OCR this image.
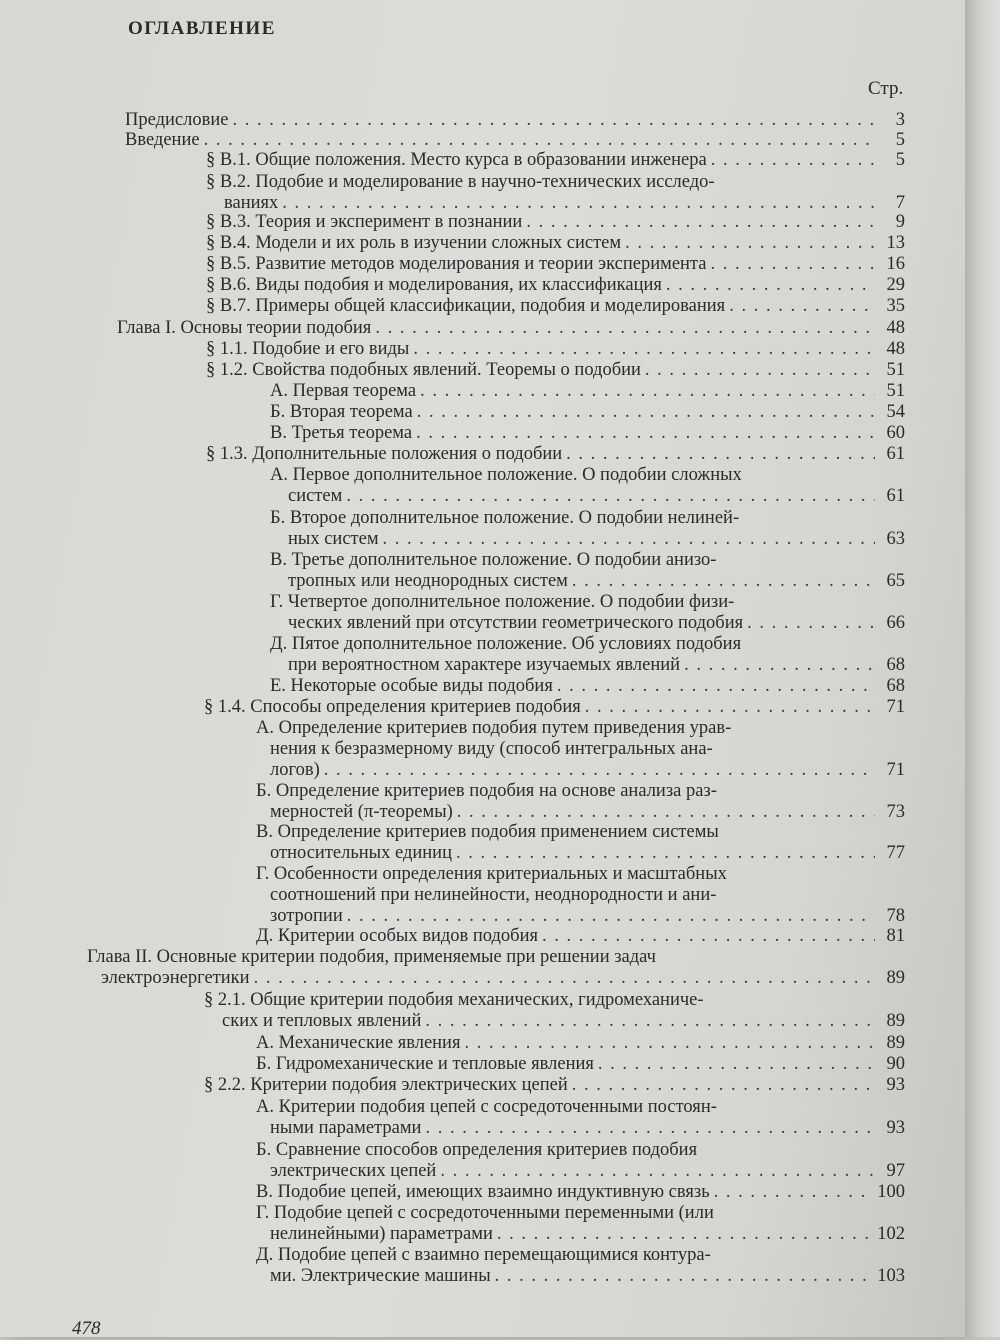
ОГЛАВЛЕНИЕ
Стр.
Предисловие . . .	3
Введение . . .	5
§ В.1. Общие положения. Место курса в образовании инженера . . .	5
§ В.2. Подобие и моделирование в научно-технических исследо-
ваниях . . .	7
§ В.3. Теория и эксперимент в познании . . .	9
§ В.4. Модели и их роль в изучении сложных систем . . .	13
§ В.5. Развитие методов моделирования и теории эксперимента . . .	16
§ В.6. Виды подобия и моделирования, их классификация . . .	29
§ В.7. Примеры общей классификации, подобия и моделирования . . .	35
Глава I. Основы теории подобия . . .	48
§ 1.1. Подобие и его виды . . .	48
§ 1.2. Свойства подобных явлений. Теоремы о подобии . . .	51
А. Первая теорема . . .	51
Б. Вторая теорема . . .	54
В. Третья теорема . . .	60
§ 1.3. Дополнительные положения о подобии . . .	61
А. Первое дополнительное положение. О подобии сложных
систем . . .	61
Б. Второе дополнительное положение. О подобии нелиней-
ных систем . . .	63
В. Третье дополнительное положение. О подобии анизо-
тропных или неоднородных систем . . .	65
Г. Четвертое дополнительное положение. О подобии физи-
ческих явлений при отсутствии геометрического подобия . . .	66
Д. Пятое дополнительное положение. Об условиях подобия
при вероятностном характере изучаемых явлений . . .	68
Е. Некоторые особые виды подобия . . .	68
§ 1.4. Способы определения критериев подобия . . .	71
А. Определение критериев подобия путем приведения урав-
нения к безразмерному виду (способ интегральных ана-
логов) . . .	71
Б. Определение критериев подобия на основе анализа раз-
мерностей (π-теоремы) . . .	73
В. Определение критериев подобия применением системы
относительных единиц . . .	77
Г. Особенности определения критериальных и масштабных
соотношений при нелинейности, неоднородности и ани-
зотропии . . .	78
Д. Критерии особых видов подобия . . .	81
Глава II. Основные критерии подобия, применяемые при решении задач
электроэнергетики . . .	89
§ 2.1. Общие критерии подобия механических, гидромеханиче-
ских и тепловых явлений . . .	89
А. Механические явления . . .	89
Б. Гидромеханические и тепловые явления . . .	90
§ 2.2. Критерии подобия электрических цепей . . .	93
А. Критерии подобия цепей с сосредоточенными постоян-
ными параметрами . . .	93
Б. Сравнение способов определения критериев подобия
электрических цепей . . .	97
В. Подобие цепей, имеющих взаимно индуктивную связь . . .	100
Г. Подобие цепей с сосредоточенными переменными (или
нелинейными) параметрами . . .	102
Д. Подобие цепей с взаимно перемещающимися контура-
ми. Электрические машины . . .	103
478
